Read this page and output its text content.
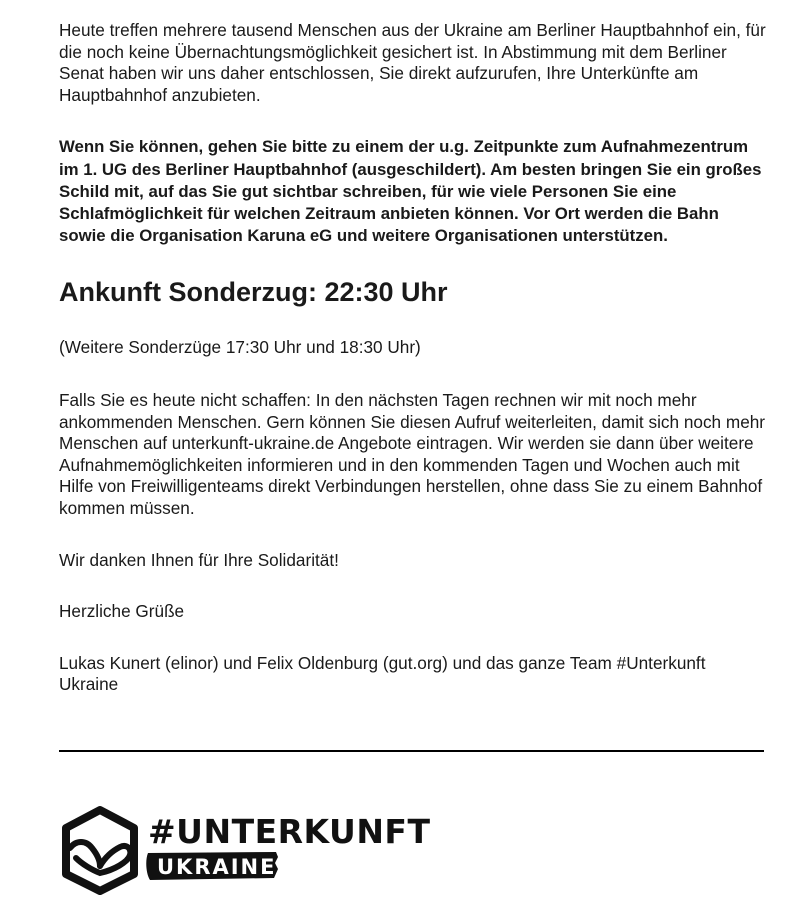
Heute treffen mehrere tausend Menschen aus der Ukraine am Berliner Hauptbahnhof ein, für die noch keine Übernachtungsmöglichkeit gesichert ist. In Abstimmung mit dem Berliner Senat haben wir uns daher entschlossen, Sie direkt aufzurufen, Ihre Unterkünfte am Hauptbahnhof anzubieten.

Wenn Sie können, gehen Sie bitte zu einem der u.g. Zeitpunkte zum Aufnahmezentrum im 1. UG des Berliner Hauptbahnhof (ausgeschildert). Am besten bringen Sie ein großes Schild mit, auf das Sie gut sichtbar schreiben, für wie viele Personen Sie eine Schlafmöglichkeit für welchen Zeitraum anbieten können. Vor Ort werden die Bahn sowie die Organisation Karuna eG und weitere Organisationen unterstützen.

Ankunft Sonderzug: 22:30 Uhr

(Weitere Sonderzüge 17:30 Uhr und 18:30 Uhr)

Falls Sie es heute nicht schaffen: In den nächsten Tagen rechnen wir mit noch mehr ankommenden Menschen. Gern können Sie diesen Aufruf weiterleiten, damit sich noch mehr Menschen auf unterkunft-ukraine.de Angebote eintragen. Wir werden sie dann über weitere Aufnahmemöglichkeiten informieren und in den kommenden Tagen und Wochen auch mit Hilfe von Freiwilligenteams direkt Verbindungen herstellen, ohne dass Sie zu einem Bahnhof kommen müssen.

Wir danken Ihnen für Ihre Solidarität!

Herzliche Grüße

Lukas Kunert (elinor) und Felix Oldenburg (gut.org) und das ganze Team #Unterkunft Ukraine

#UNTERKUNFT
UKRAINE
